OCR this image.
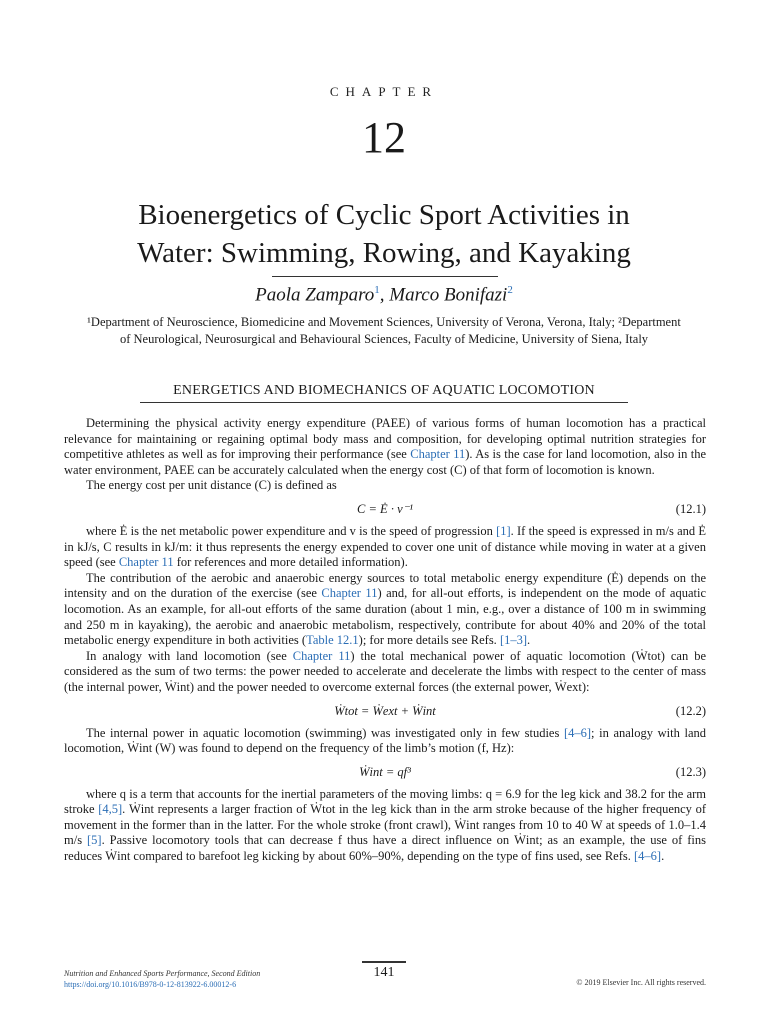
CHAPTER
12
Bioenergetics of Cyclic Sport Activities in
Water: Swimming, Rowing, and Kayaking
Paola Zamparo$^1$, Marco Bonifazi$^2$
¹Department of Neuroscience, Biomedicine and Movement Sciences, University of Verona, Verona, Italy; ²Department
of Neurological, Neurosurgical and Behavioural Sciences, Faculty of Medicine, University of Siena, Italy
ENERGETICS AND BIOMECHANICS OF AQUATIC LOCOMOTION

Determining the physical activity energy expenditure (PAEE) of various forms of human locomotion has a practical relevance for maintaining or regaining optimal body mass and composition, for developing optimal nutrition strategies for competitive athletes as well as for improving their performance (see Chapter 11). As is the case for land locomotion, also in the water environment, PAEE can be accurately calculated when the energy cost (C) of that form of locomotion is known.

The energy cost per unit distance (C) is defined as

C = Ė · v⁻¹	(12.1)

where Ė is the net metabolic power expenditure and v is the speed of progression [1]. If the speed is expressed in m/s and Ė in kJ/s, C results in kJ/m: it thus represents the energy expended to cover one unit of distance while moving in water at a given speed (see Chapter 11 for references and more detailed information).

The contribution of the aerobic and anaerobic energy sources to total metabolic energy expenditure (Ė) depends on the intensity and on the duration of the exercise (see Chapter 11) and, for all-out efforts, is independent on the mode of aquatic locomotion. As an example, for all-out efforts of the same duration (about 1 min, e.g., over a distance of 100 m in swimming and 250 m in kayaking), the aerobic and anaerobic metabolism, respectively, contribute for about 40% and 20% of the total metabolic energy expenditure in both activities (Table 12.1); for more details see Refs. [1–3].

In analogy with land locomotion (see Chapter 11) the total mechanical power of aquatic locomotion (Ẇtot) can be considered as the sum of two terms: the power needed to accelerate and decelerate the limbs with respect to the center of mass (the internal power, Ẇint) and the power needed to overcome external forces (the external power, Ẇext):

Ẇtot = Ẇext + Ẇint	(12.2)

The internal power in aquatic locomotion (swimming) was investigated only in few studies [4–6]; in analogy with land locomotion, Ẇint (W) was found to depend on the frequency of the limb’s motion (f, Hz):

Ẇint = qf³	(12.3)

where q is a term that accounts for the inertial parameters of the moving limbs: q = 6.9 for the leg kick and 38.2 for the arm stroke [4,5]. Ẇint represents a larger fraction of Ẇtot in the leg kick than in the arm stroke because of the higher frequency of movement in the former than in the latter. For the whole stroke (front crawl), Ẇint ranges from 10 to 40 W at speeds of 1.0–1.4 m/s [5]. Passive locomotory tools that can decrease f thus have a direct influence on Ẇint; as an example, the use of fins reduces Ẇint compared to barefoot leg kicking by about 60%–90%, depending on the type of fins used, see Refs. [4–6].

Nutrition and Enhanced Sports Performance, Second Edition
https://doi.org/10.1016/B978-0-12-813922-6.00012-6
141
© 2019 Elsevier Inc. All rights reserved.
